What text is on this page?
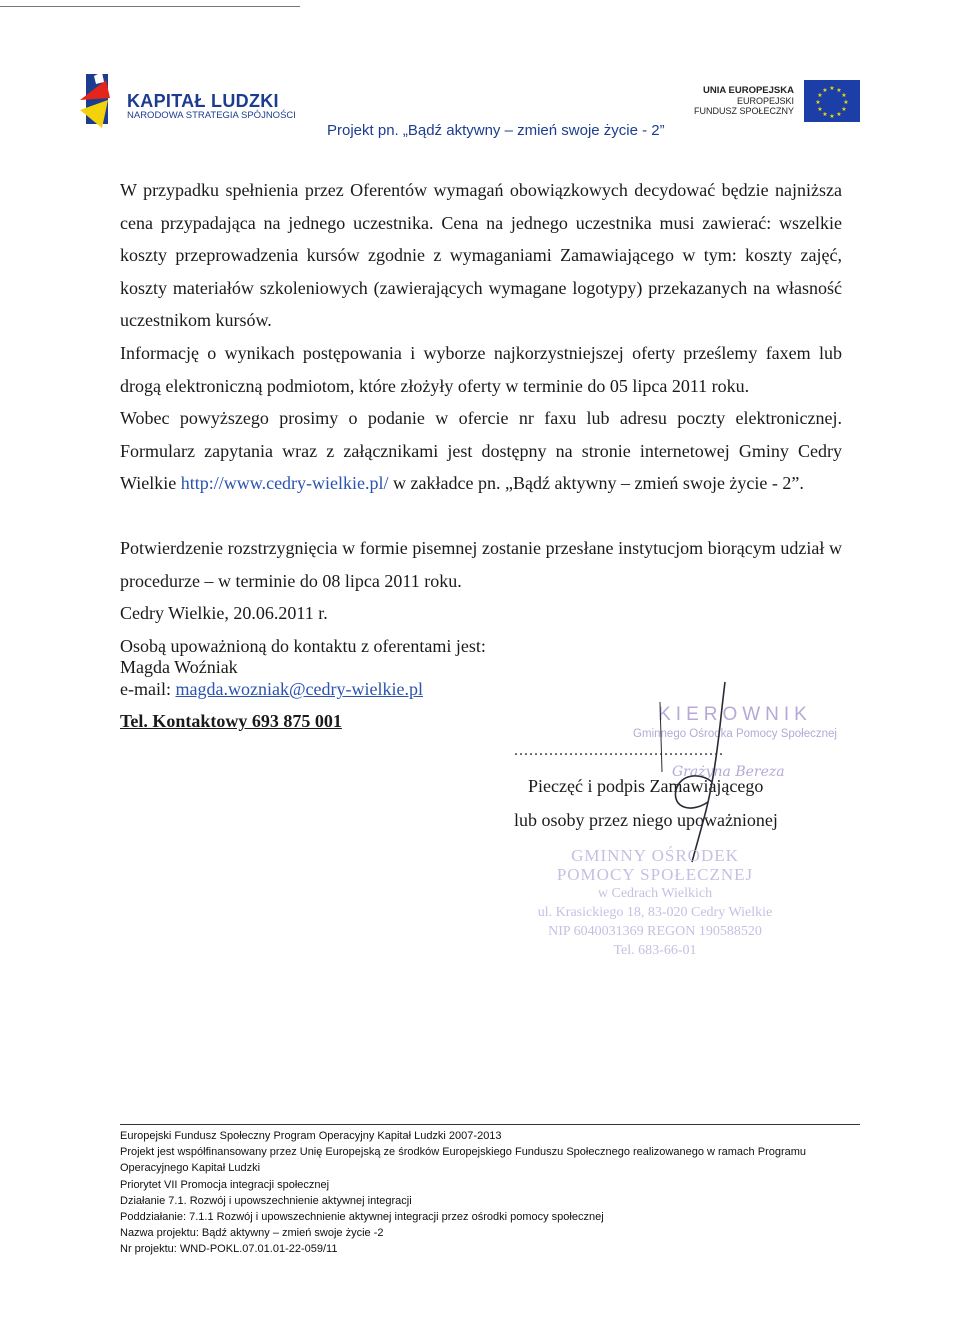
KAPITAŁ LUDZKI
NARODOWA STRATEGIA SPÓJNOŚCI
Projekt pn. „Bądź aktywny – zmień swoje życie - 2”
UNIA EUROPEJSKA
EUROPEJSKI
FUNDUSZ SPOŁECZNY
★ ★
★
★
★
★
★
★
★
★
★
★

W przypadku spełnienia przez Oferentów wymagań obowiązkowych decydować będzie najniższa cena przypadająca na jednego uczestnika. Cena na jednego uczestnika musi zawierać: wszelkie koszty przeprowadzenia kursów zgodnie z wymaganiami Zamawiającego w tym: koszty zajęć, koszty materiałów szkoleniowych (zawierających wymagane logotypy) przekazanych na własność uczestnikom kursów.

Informację o wynikach postępowania i wyborze najkorzystniejszej oferty prześlemy faxem lub drogą elektroniczną podmiotom, które złożyły oferty w terminie do 05 lipca 2011 roku.

Wobec powyższego prosimy o podanie w ofercie nr faxu lub adresu poczty elektronicznej. Formularz zapytania wraz z załącznikami jest dostępny na stronie internetowej Gminy Cedry Wielkie http://www.cedry-wielkie.pl/ w zakładce pn. „Bądź aktywny – zmień swoje życie - 2”.

Potwierdzenie rozstrzygnięcia w formie pisemnej zostanie przesłane instytucjom biorącym udział w procedurze – w terminie do 08 lipca 2011 roku.

Cedry Wielkie, 20.06.2011 r.
Osobą upoważnioną do kontaktu z oferentami jest:
Magda Woźniak
e-mail: magda.wozniak@cedry-wielkie.pl
Tel. Kontaktowy 693 875 001	KIEROWNIK
Gminnego Ośrodka Pomocy Społecznej
..........................................
Grażyna Bereza
Pieczęć i podpis Zamawiającego
lub osoby przez niego upoważnionej
GMINNY OŚRODEK
POMOCY SPOŁECZNEJ
w Cedrach Wielkich
ul. Krasickiego 18, 83-020 Cedry Wielkie
NIP 6040031369 REGON 190588520
Tel. 683-66-01
Europejski Fundusz Społeczny Program Operacyjny Kapitał Ludzki 2007-2013
Projekt jest współfinansowany przez Unię Europejską ze środków Europejskiego Funduszu Społecznego realizowanego w ramach Programu
Operacyjnego Kapitał Ludzki
Priorytet VII Promocja integracji społecznej
Działanie 7.1. Rozwój i upowszechnienie aktywnej integracji
Poddziałanie: 7.1.1 Rozwój i upowszechnienie aktywnej integracji przez ośrodki pomocy społecznej
Nazwa projektu: Bądź aktywny – zmień swoje życie -2
Nr projektu: WND-POKL.07.01.01-22-059/11
